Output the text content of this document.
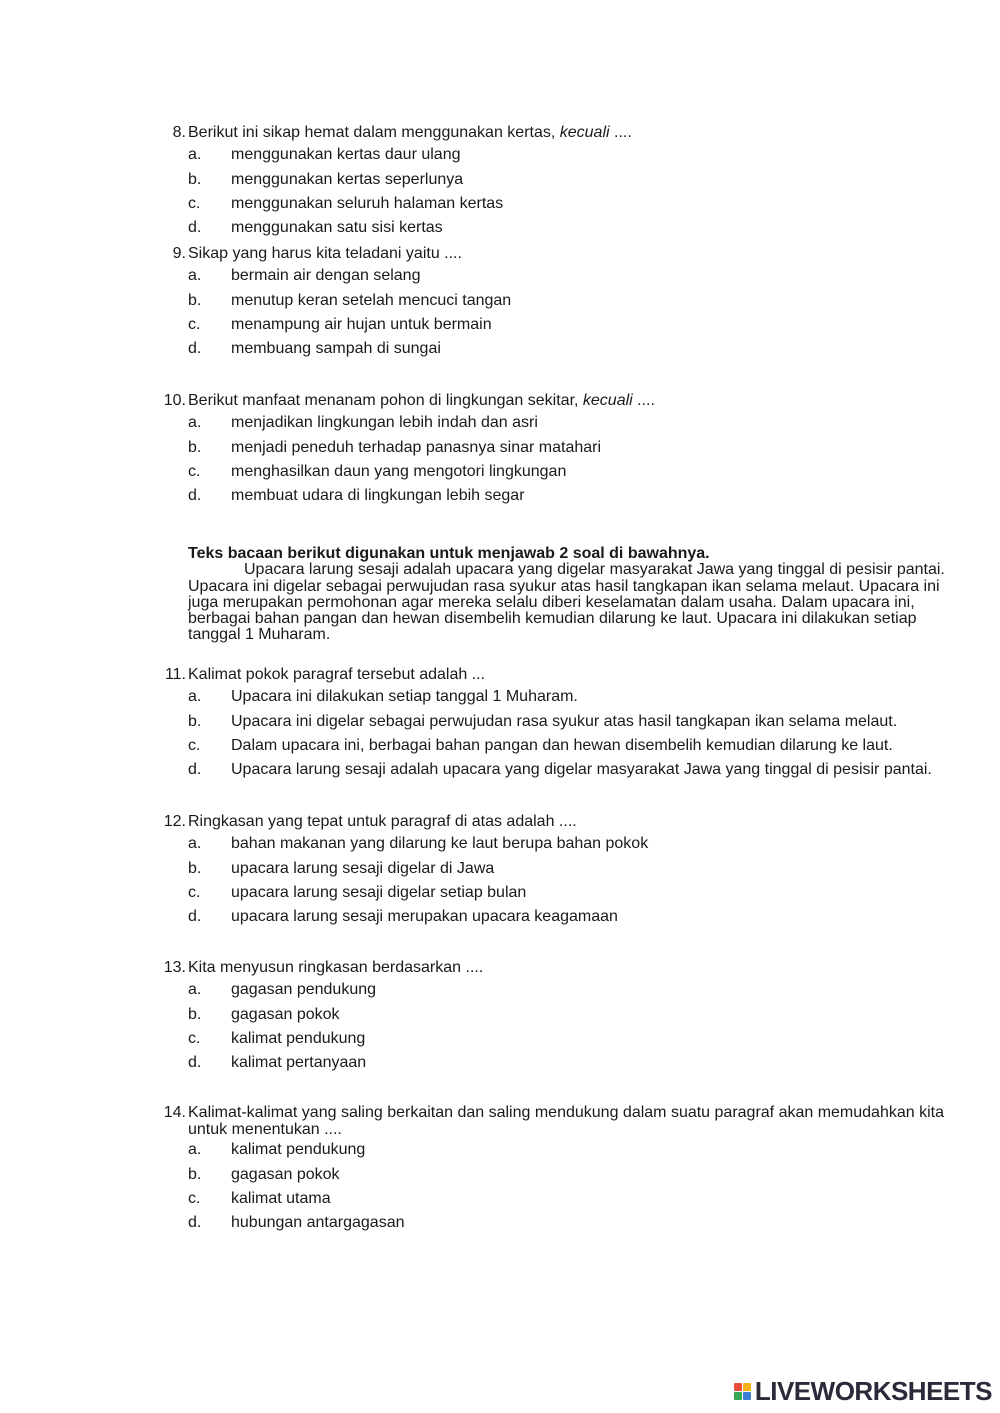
8. Berikut ini sikap hemat dalam menggunakan kertas, kecuali ....
a.	menggunakan kertas daur ulang
b.	menggunakan kertas seperlunya
c.	menggunakan seluruh halaman kertas
d.	menggunakan satu sisi kertas
9. Sikap yang harus kita teladani yaitu ....
a.	bermain air dengan selang
b.	menutup keran setelah mencuci tangan
c.	menampung air hujan untuk bermain
d.	membuang sampah di sungai
10. Berikut manfaat menanam pohon di lingkungan sekitar, kecuali ....
a.	menjadikan lingkungan lebih indah dan asri
b.	menjadi peneduh terhadap panasnya sinar matahari
c.	menghasilkan daun yang mengotori lingkungan
d.	membuat udara di lingkungan lebih segar
Teks bacaan berikut digunakan untuk menjawab 2 soal di bawahnya.
Upacara larung sesaji adalah upacara yang digelar masyarakat Jawa yang tinggal di pesisir pantai. Upacara ini digelar sebagai perwujudan rasa syukur atas hasil tangkapan ikan selama melaut. Upacara ini juga merupakan permohonan agar mereka selalu diberi keselamatan dalam usaha. Dalam upacara ini, berbagai bahan pangan dan hewan disembelih kemudian dilarung ke laut. Upacara ini dilakukan setiap tanggal 1 Muharam.
11. Kalimat pokok paragraf tersebut adalah ...
a.	Upacara ini dilakukan setiap tanggal 1 Muharam.
b.	Upacara ini digelar sebagai perwujudan rasa syukur atas hasil tangkapan ikan selama melaut.
c.	Dalam upacara ini, berbagai bahan pangan dan hewan disembelih kemudian dilarung ke laut.
d.	Upacara larung sesaji adalah upacara yang digelar masyarakat Jawa yang tinggal di pesisir pantai.
12. Ringkasan yang tepat untuk paragraf di atas adalah ....
a.	bahan makanan yang dilarung ke laut berupa bahan pokok
b.	upacara larung sesaji digelar di Jawa
c.	upacara larung sesaji digelar setiap bulan
d.	upacara larung sesaji merupakan upacara keagamaan
13. Kita menyusun ringkasan berdasarkan ....
a.	gagasan pendukung
b.	gagasan pokok
c.	kalimat pendukung
d.	kalimat pertanyaan
14. Kalimat-kalimat yang saling berkaitan dan saling mendukung dalam suatu paragraf akan memudahkan kita untuk menentukan ....
a.	kalimat pendukung
b.	gagasan pokok
c.	kalimat utama
d.	hubungan antargagasan
LIVEWORKSHEETS
